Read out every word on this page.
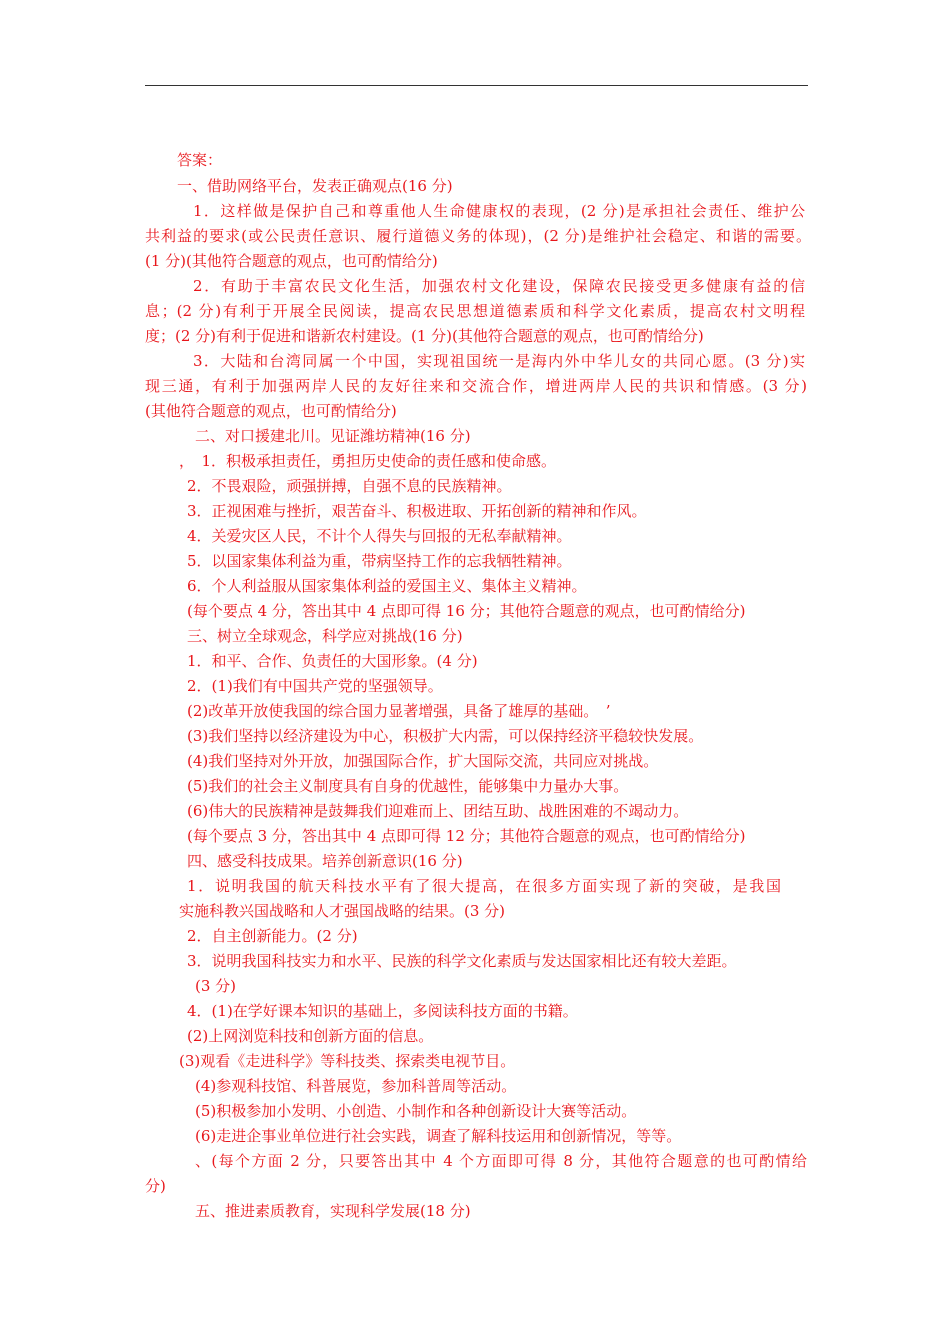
答案：
一、借助网络平台，发表正确观点(16 分)
1．这样做是保护自己和尊重他人生命健康权的表现，(2 分)是承担社会责任、维护公
共利益的要求(或公民责任意识、履行道德义务的体现)，(2 分)是维护社会稳定、和谐的需要。
(1 分)(其他符合题意的观点，也可酌情给分)
2．有助于丰富农民文化生活，加强农村文化建设，保障农民接受更多健康有益的信
息；(2 分)有利于开展全民阅读，提高农民思想道德素质和科学文化素质，提高农村文明程
度；(2 分)有利于促进和谐新农村建设。(1 分)(其他符合题意的观点，也可酌情给分)
3．大陆和台湾同属一个中国，实现祖国统一是海内外中华儿女的共同心愿。(3 分)实
现三通，有利于加强两岸人民的友好往来和交流合作，增进两岸人民的共识和情感。(3 分)
(其他符合题意的观点，也可酌情给分)
二、对口援建北川。见证潍坊精神(16 分)
，　1．积极承担责任，勇担历史使命的责任感和使命感。
2．不畏艰险，顽强拼搏，自强不息的民族精神。
3．正视困难与挫折，艰苦奋斗、积极进取、开拓创新的精神和作风。
4．关爱灾区人民，不计个人得失与回报的无私奉献精神。
5．以国家集体利益为重，带病坚持工作的忘我牺牲精神。
6．个人利益服从国家集体利益的爱国主义、集体主义精神。
(每个要点 4 分，答出其中 4 点即可得 16 分；其他符合题意的观点，也可酌情给分)
三、树立全球观念，科学应对挑战(16 分)
1．和平、合作、负责任的大国形象。(4 分)
2．(1)我们有中国共产党的坚强领导。
(2)改革开放使我国的综合国力显著增强，具备了雄厚的基础。　’
(3)我们坚持以经济建设为中心，积极扩大内需，可以保持经济平稳较快发展。
(4)我们坚持对外开放，加强国际合作，扩大国际交流，共同应对挑战。
(5)我们的社会主义制度具有自身的优越性，能够集中力量办大事。
(6)伟大的民族精神是鼓舞我们迎难而上、团结互助、战胜困难的不竭动力。
(每个要点 3 分，答出其中 4 点即可得 12 分；其他符合题意的观点，也可酌情给分)
四、感受科技成果。培养创新意识(16 分)
1．说明我国的航天科技水平有了很大提高，在很多方面实现了新的突破，是我国
实施科教兴国战略和人才强国战略的结果。(3 分)
2．自主创新能力。(2 分)
3．说明我国科技实力和水平、民族的科学文化素质与发达国家相比还有较大差距。
(3 分)
4．(1)在学好课本知识的基础上，多阅读科技方面的书籍。
(2)上网浏览科技和创新方面的信息。
(3)观看《走进科学》等科技类、探索类电视节目。
(4)参观科技馆、科普展览，参加科普周等活动。
(5)积极参加小发明、小创造、小制作和各种创新设计大赛等活动。
(6)走进企事业单位进行社会实践，调查了解科技运用和创新情况，等等。
、(每个方面 2 分，只要答出其中 4 个方面即可得 8 分，其他符合题意的也可酌情给
分)
五、推进素质教育，实现科学发展(18 分)
